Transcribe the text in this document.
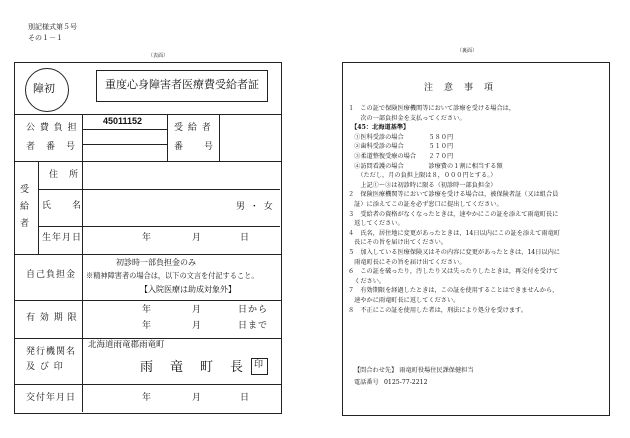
別記様式第５号
その１－１
（表面）
（裏面）
障初	重度心身障害者医療費受給者証
公 費 負 担
者　番　号
45011152
受 給 者
番　　号
受
給
者
住　所
氏　　名	男 ・ 女
生年月日	年	月	日
自己負担金
初診時一部負担金のみ
※精神障害者の場合は，以下の文言を付記すること。
【入院医療は助成対象外】
有 効 期 限
年	月	日から
年	月	日まで
発行機関名
及 び 印
北海道雨竜郡雨竜町
雨　竜　町　長 印
交付年月日	年	月	日
注　意　事　項
１　この証で保険医療機関等において診療を受ける場合は，
　　次の一部負担金を支払ってください。
　【45：北海道基準】
　①医科受診の場合　　　　５８０円
　②歯科受診の場合　　　　５１０円
　③柔道整復受療の場合　　２７０円
　④訪問看護の場合　　　　診療費の１割に相当する額
　　（ただし，月の負担上限は８，０００円とする。）
　　上記①～③は初診時に限る（初診時一部負担金）
２　保険医療機関等において診療を受ける場合は，被保険者証（又は組合員
　証）に添えてこの証を必ず窓口に提出してください。
３　受給者の資格がなくなったときは，速やかにこの証を添えて雨竜町長に
　返してください。
４　氏名，居住地に変更があったときは，14日以内にこの証を添えて雨竜町
　長にその旨を届け出てください。
５　加入している医療保険又はその内容に変更があったときは，14日以内に
　雨竜町長にその旨を届け出てください。
６　この証を破ったり，汚したり又は失ったりしたときは，再交付を受けて
　ください。
７　有効期限を経過したときは，この証を使用することはできませんから，
　速やかに雨竜町長に返してください。
８　不正にこの証を使用した者は，刑法により処分を受けます。
【問合わせ先】 雨竜町役場住民課保健担当
電話番号 0125-77-2212
